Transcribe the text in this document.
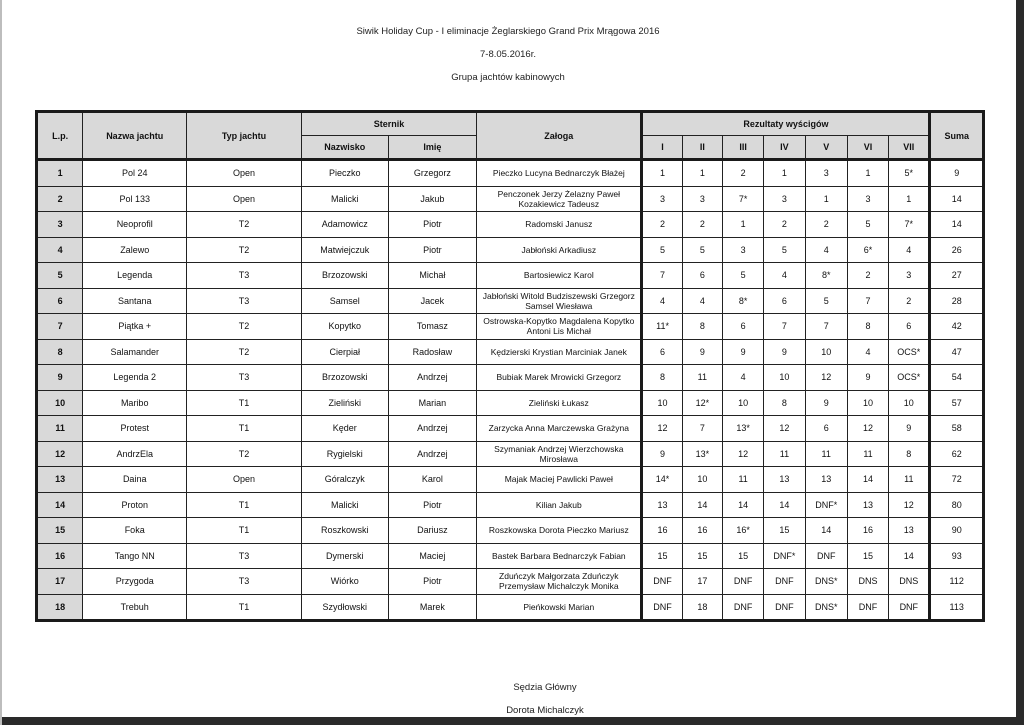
Siwik Holiday Cup - I eliminacje Żeglarskiego Grand Prix Mrągowa 2016
7-8.05.2016r.
Grupa jachtów kabinowych
L.p.	Nazwa jachtu	Typ jachtu	Sternik		Załoga	Rezultaty wyścigów							Suma
			Nazwisko	Imię		I	II	III	IV	V	VI	VII	
1	Pol 24	Open	Pieczko	Grzegorz	Pieczko Lucyna Bednarczyk Błażej	1	1	2	1	3	1	5*	9
2	Pol 133	Open	Malicki	Jakub	Penczonek Jerzy Żelazny Paweł Kozakiewicz Tadeusz	3	3	7*	3	1	3	1	14
3	Neoprofil	T2	Adamowicz	Piotr	Radomski Janusz	2	2	1	2	2	5	7*	14
4	Zalewo	T2	Matwiejczuk	Piotr	Jabłoński Arkadiusz	5	5	3	5	4	6*	4	26
5	Legenda	T3	Brzozowski	Michał	Bartosiewicz Karol	7	6	5	4	8*	2	3	27
6	Santana	T3	Samsel	Jacek	Jabłoński Witold Budziszewski Grzegorz Samsel Wiesława	4	4	8*	6	5	7	2	28
7	Piątka +	T2	Kopytko	Tomasz	Ostrowska-Kopytko Magdalena Kopytko Antoni Lis Michał	11*	8	6	7	7	8	6	42
8	Salamander	T2	Cierpiał	Radosław	Kędzierski Krystian Marciniak Janek	6	9	9	9	10	4	OCS*	47
9	Legenda 2	T3	Brzozowski	Andrzej	Bubiak Marek Mrowicki Grzegorz	8	11	4	10	12	9	OCS*	54
10	Maribo	T1	Zieliński	Marian	Zieliński Łukasz	10	12*	10	8	9	10	10	57
11	Protest	T1	Kęder	Andrzej	Zarzycka Anna Marczewska Grażyna	12	7	13*	12	6	12	9	58
12	AndrzEla	T2	Rygielski	Andrzej	Szymaniak Andrzej Wierzchowska Mirosława	9	13*	12	11	11	11	8	62
13	Daina	Open	Góralczyk	Karol	Majak Maciej Pawlicki Paweł	14*	10	11	13	13	14	11	72
14	Proton	T1	Malicki	Piotr	Kilian Jakub	13	14	14	14	DNF*	13	12	80
15	Foka	T1	Roszkowski	Dariusz	Roszkowska Dorota Pieczko Mariusz	16	16	16*	15	14	16	13	90
16	Tango NN	T3	Dymerski	Maciej	Bastek Barbara Bednarczyk Fabian	15	15	15	DNF*	DNF	15	14	93
17	Przygoda	T3	Wiórko	Piotr	Zduńczyk Małgorzata Zduńczyk Przemysław Michalczyk Monika	DNF	17	DNF	DNF	DNS*	DNS	DNS	112
18	Trebuh	T1	Szydłowski	Marek	Pieńkowski Marian	DNF	18	DNF	DNF	DNS*	DNF	DNF	113
Sędzia Główny
Dorota Michalczyk
